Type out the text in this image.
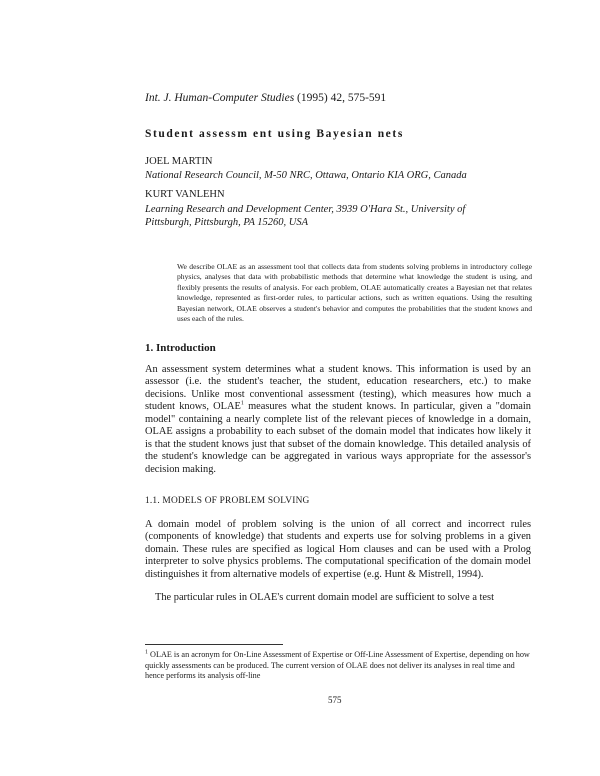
Int. J. Human-Computer Studies (1995) 42, 575-591
Student assessm ent using Bayesian nets
JOEL MARTIN
National Research Council, M-50 NRC, Ottawa, Ontario KIA ORG, Canada
KURT VANLEHN
Learning Research and Development Center, 3939 O'Hara St., University of Pittsburgh, Pittsburgh, PA 15260, USA
We describe OLAE as an assessment tool that collects data from students solving problems in introductory college physics, analyses that data with probabilistic methods that determine what knowledge the student is using, and flexibly presents the results of analysis. For each problem, OLAE automatically creates a Bayesian net that relates knowledge, represented as first-order rules, to particular actions, such as written equations. Using the resulting Bayesian network, OLAE observes a student's behavior and computes the probabilities that the student knows and uses each of the rules.
1. Introduction
An assessment system determines what a student knows. This information is used by an assessor (i.e. the student's teacher, the student, education researchers, etc.) to make decisions. Unlike most conventional assessment (testing), which measures how much a student knows, OLAE$^1$ measures what the student knows. In particular, given a "domain model" containing a nearly complete list of the relevant pieces of knowledge in a domain, OLAE assigns a probability to each subset of the domain model that indicates how likely it is that the student knows just that subset of the domain knowledge. This detailed analysis of the student's knowledge can be aggregated in various ways appropriate for the assessor's decision making.
1.1. MODELS OF PROBLEM SOLVING
A domain model of problem solving is the union of all correct and incorrect rules (components of knowledge) that students and experts use for solving problems in a given domain. These rules are specified as logical Hom clauses and can be used with a Prolog interpreter to solve physics problems. The computational specification of the domain model distinguishes it from alternative models of expertise (e.g. Hunt & Mistrell, 1994).
The particular rules in OLAE's current domain model are sufficient to solve a test
$^1$ OLAE is an acronym for On-Line Assessment of Expertise or Off-Line Assessment of Expertise, depending on how quickly assessments can be produced. The current version of OLAE does not deliver its analyses in real time and hence performs its analysis off-line
575
